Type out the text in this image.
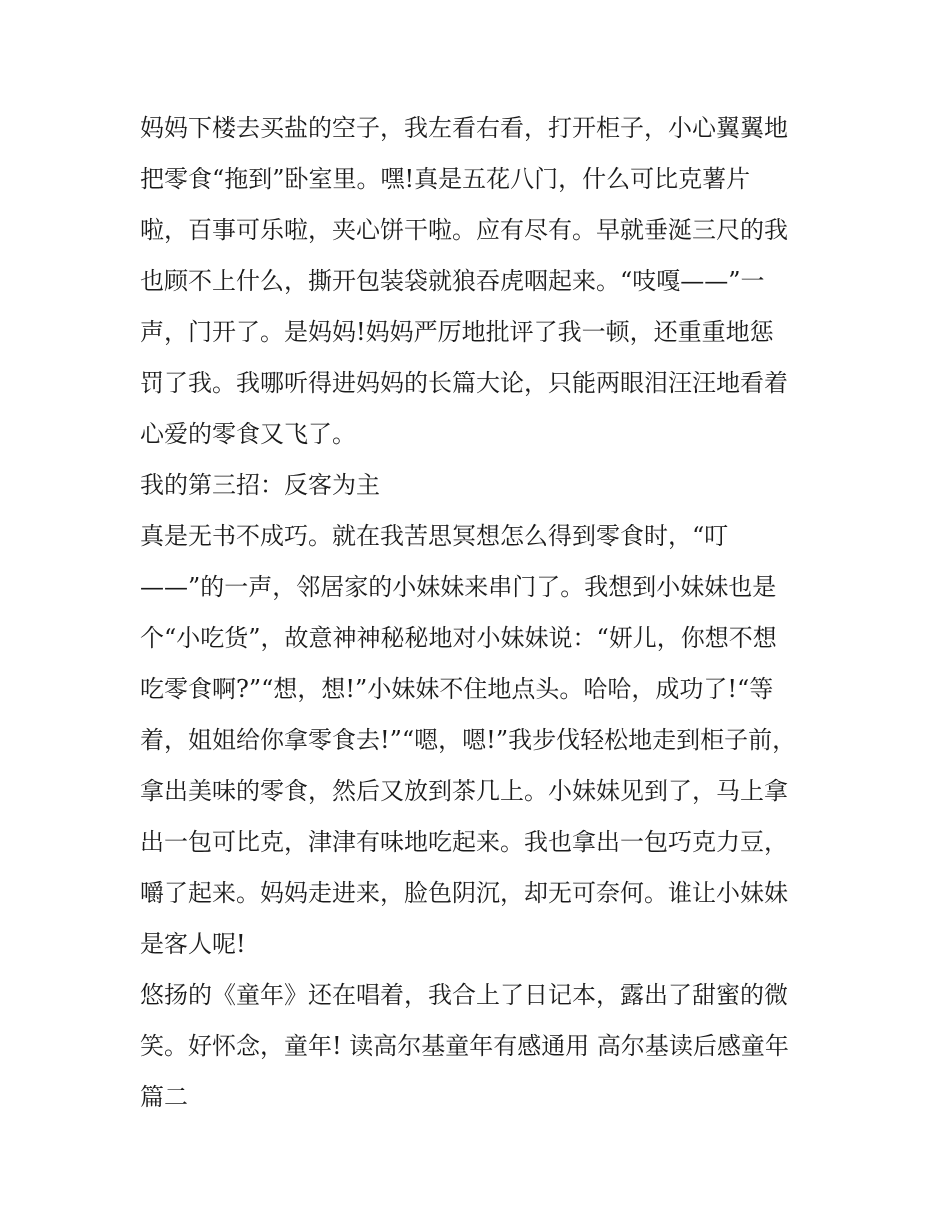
妈妈下楼去买盐的空子，我左看右看，打开柜子，小心翼翼地
把零食“拖到”卧室里。嘿!真是五花八门，什么可比克薯片
啦，百事可乐啦，夹心饼干啦。应有尽有。早就垂涎三尺的我
也顾不上什么，撕开包装袋就狼吞虎咽起来。“吱嘎——”一
声，门开了。是妈妈!妈妈严厉地批评了我一顿，还重重地惩
罚了我。我哪听得进妈妈的长篇大论，只能两眼泪汪汪地看着
心爱的零食又飞了。
我的第三招：反客为主
真是无书不成巧。就在我苦思冥想怎么得到零食时，“叮
——”的一声，邻居家的小妹妹来串门了。我想到小妹妹也是
个“小吃货”，故意神神秘秘地对小妹妹说：“妍儿，你想不想
吃零食啊?”“想，想!”小妹妹不住地点头。哈哈，成功了!“等
着，姐姐给你拿零食去!”“嗯，嗯!”我步伐轻松地走到柜子前，
拿出美味的零食，然后又放到茶几上。小妹妹见到了，马上拿
出一包可比克，津津有味地吃起来。我也拿出一包巧克力豆，
嚼了起来。妈妈走进来，脸色阴沉，却无可奈何。谁让小妹妹
是客人呢!
悠扬的《童年》还在唱着，我合上了日记本，露出了甜蜜的微
笑。好怀念，童年! 读高尔基童年有感通用 高尔基读后感童年
篇二
